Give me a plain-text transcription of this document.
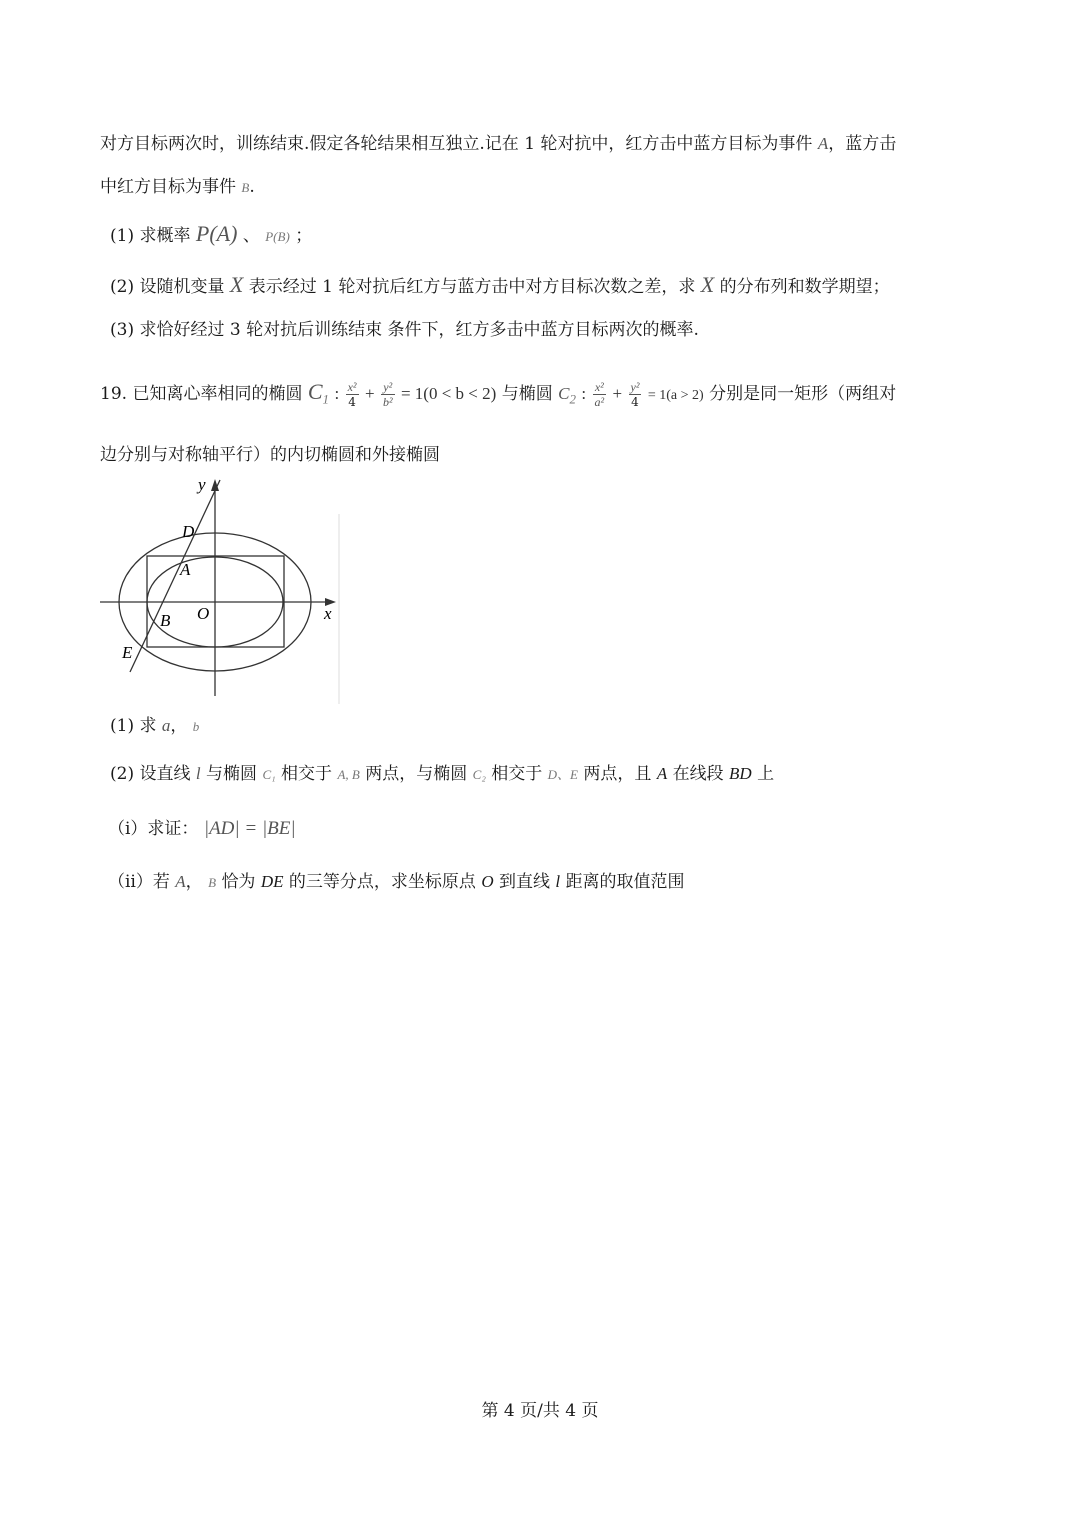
对方目标两次时，训练结束.假定各轮结果相互独立.记在 1 轮对抗中，红方击中蓝方目标为事件 A，蓝方击
中红方目标为事件 B.
(1) 求概率 P(A) 、 P(B) ；
(2) 设随机变量 X 表示经过 1 轮对抗后红方与蓝方击中对方目标次数之差，求 X 的分布列和数学期望；
(3) 求恰好经过 3 轮对抗后训练结束 条件下，红方多击中蓝方目标两次的概率.
19. 已知离心率相同的椭圆 $C_1$ : $\frac{\text{x²}}{4} + \frac{\text{y²}}{\text{b²}} = 1(0 < b < 2)$ 与椭圆 $C_2$ : $\frac{\text{x²}}{\text{a²}} + \frac{\text{y²}}{4} = 1(a > 2)$ 分别是同一矩形（两组对
边分别与对称轴平行）的内切椭圆和外接椭圆
y
x
D
A
B O
E
(1) 求 a， b
(2) 设直线 l 与椭圆 C₁ 相交于 A, B 两点，与椭圆 C₂ 相交于 D、E 两点，且 A 在线段 BD 上
（ⅰ）求证： |AD| = |BE|
（ⅱ）若 A， B 恰为 DE 的三等分点，求坐标原点 O 到直线 l 距离的取值范围
第 4 页/共 4 页
